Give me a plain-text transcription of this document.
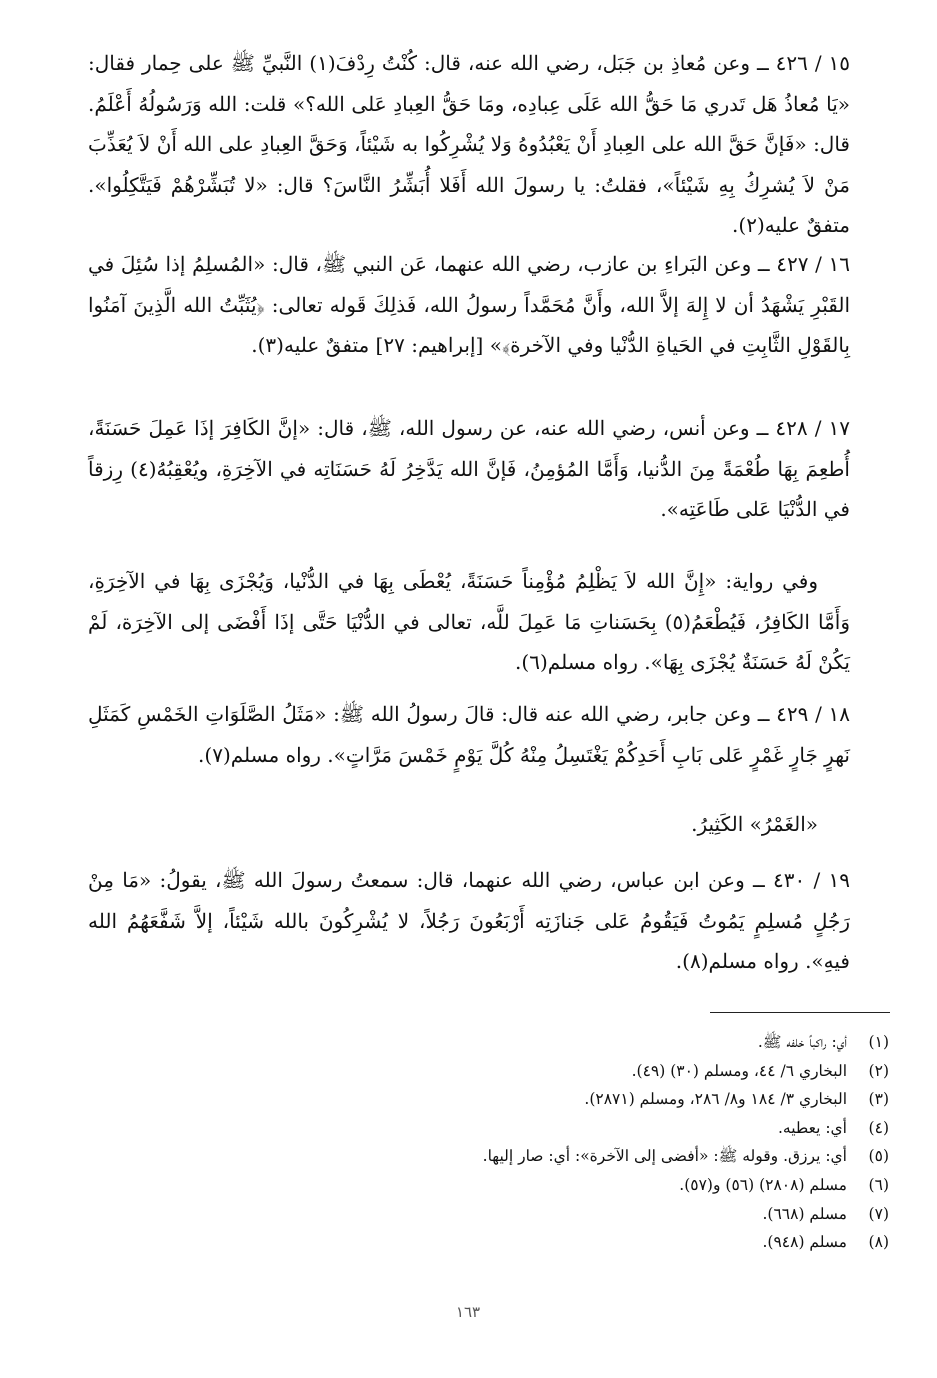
١٥ / ٤٢٦ ــ وعن مُعاذِ بن جَبَل، رضي الله عنه، قال: كُنْتُ رِدْفَ(١) النَّبيِّ ﷺ على حِمار فقال: «يَا مُعاذُ هَل تَدري مَا حَقُّ الله عَلَى عِبادِه، ومَا حَقُّ العِبادِ عَلى الله؟» قلت: الله وَرَسُولُهُ أَعْلَمُ. قال: «فَإنَّ حَقَّ الله على العِبادِ أَنْ يَعْبُدُوهُ وَلا يُشْرِكُوا به شَيْئاً، وَحَقَّ العِبادِ على الله أَنْ لاَ يُعَذِّبَ مَنْ لاَ يُشرِكُ بِهِ شَيْئاً»، فقلتُ: يا رسولَ الله أَفَلا أُبَشِّرُ النَّاسَ؟ قال: «لا تُبَشِّرْهُمْ فَيَتَّكِلُوا». متفقٌ عليه(٢).

١٦ / ٤٢٧ ــ وعن البَراءِ بن عازب، رضي الله عنهما، عَن النبي ﷺ، قال: «المُسلِمُ إذا سُئِلَ في القَبْرِ يَشْهَدُ أن لا إِلهَ إلاَّ الله، وأَنَّ مُحَمَّداً رسولُ الله، فَذلِكَ قَوله تعالى: ﴿يُثَبِّتُ الله الَّذِينَ آمَنُوا بِالقَوْلِ الثَّابِتِ في الحَياةِ الدُّنْيا وفي الآخرة﴾» [إبراهيم: ٢٧] متفقٌ عليه(٣).

١٧ / ٤٢٨ ــ وعن أنس، رضي الله عنه، عن رسول الله، ﷺ، قال: «إنَّ الكَافِرَ إذَا عَمِلَ حَسَنَةً، أُطعِمَ بِهَا طُعْمَةً مِنَ الدُّنيا، وَأَمَّا المُؤمِنُ، فَإنَّ الله يَدَّخِرُ لَهُ حَسَنَاتِه في الآخِرَةِ، ويُعْقِبُهُ(٤) رِزقاً في الدُّنْيَا عَلى طَاعَتِه».

وفي رواية: «إِنَّ الله لاَ يَظْلِمُ مُؤْمِناً حَسَنَةً، يُعْطَى بِهَا في الدُّنْيا، وَيُجْزَى بِهَا في الآخِرَةِ، وَأَمَّا الكَافِرُ، فَيُطْعَمُ(٥) بِحَسَناتِ مَا عَمِلَ للَّه، تعالى في الدُّنْيَا حَتَّى إذَا أَفْضَى إلى الآخِرَة، لَمْ يَكُنْ لَهُ حَسَنَةٌ يُجْزَى بِهَا». رواه مسلم(٦).

١٨ / ٤٢٩ ــ وعن جابر، رضي الله عنه قال: قالَ رسولُ الله ﷺ: «مَثَلُ الصَّلَوَاتِ الخَمْسِ كَمَثَلِ نَهرٍ جَارٍ غَمْرٍ عَلى بَابِ أَحَدِكُمْ يَغْتَسِلُ مِنْهُ كُلَّ يَوْمٍ خَمْسَ مَرَّاتٍ». رواه مسلم(٧).

«الغَمْرُ» الكَثِيرُ.

١٩ / ٤٣٠ ــ وعن ابن عباس، رضي الله عنهما، قال: سمعتُ رسولَ الله ﷺ، يقولُ: «مَا مِنْ رَجُلٍ مُسلِمٍ يَمُوتُ فَيَقُومُ عَلى جَنازَتِه أَرْبَعُونَ رَجُلاً، لا يُشْرِكُونَ بالله شَيْئاً، إلاَّ شَفَّعَهُمُ الله فيهِ». رواه مسلم(٨).

(١)
أي: راكباً خلفه ﷺ.
(٢)
البخاري ٦/ ٤٤، ومسلم (٣٠) (٤٩).
(٣)
البخاري ٣/ ١٨٤ و٨/ ٢٨٦، ومسلم (٢٨٧١).
(٤)
أي: يعطيه.
(٥)
أي: يرزق. وقوله ﷺ: «أفضى إلى الآخرة»: أي: صار إليها.
(٦)
مسلم (٢٨٠٨) (٥٦) و(٥٧).
(٧)
مسلم (٦٦٨).
(٨)
مسلم (٩٤٨).
١٦٣
